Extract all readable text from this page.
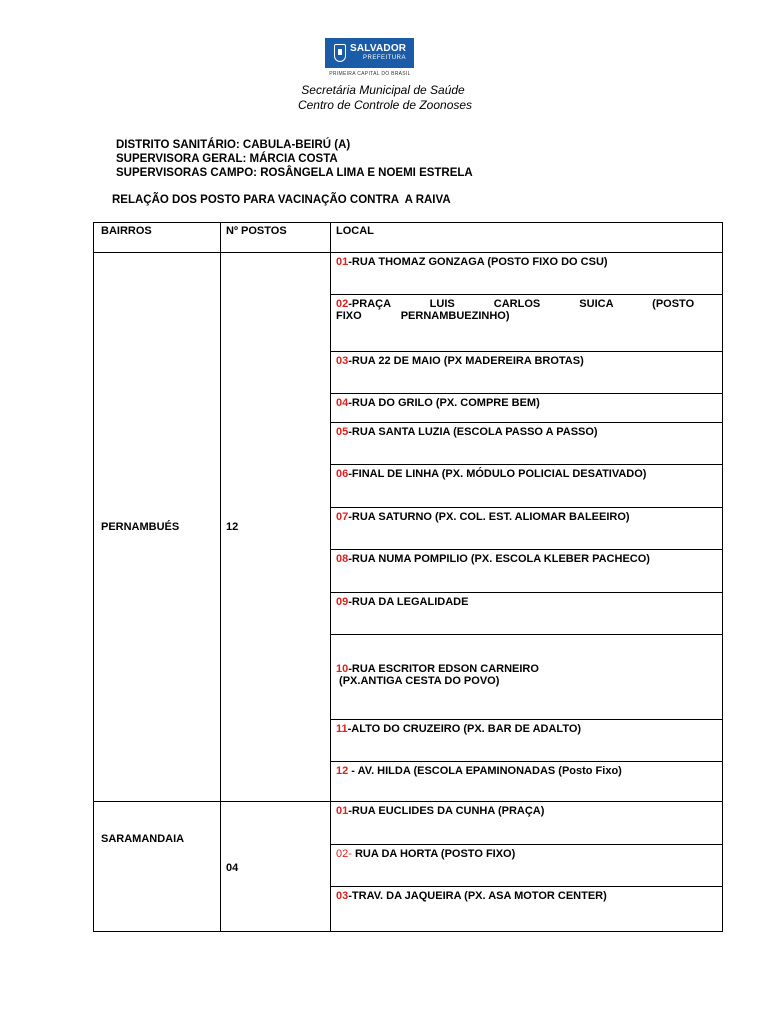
SALVADOR
PREFEITURA
PRIMEIRA CAPITAL DO BRASIL
Secretária Municipal de Saúde
Centro de Controle de Zoonoses
DISTRITO SANITÁRIO: CABULA-BEIRÚ (A)
SUPERVISORA GERAL: MÁRCIA COSTA
SUPERVISORAS CAMPO: ROSÂNGELA LIMA E NOEMI ESTRELA
RELAÇÃO DOS POSTO PARA VACINAÇÃO CONTRA  A RAIVA
BAIRROS	Nº POSTOS	LOCAL
PERNAMBUÉS	12	01-RUA THOMAZ GONZAGA (POSTO FIXO DO CSU)
		02-PRAÇA LUIS CARLOS SUICA (POSTO FIXO PERNAMBUEZINHO)
		03-RUA 22 DE MAIO (PX MADEREIRA BROTAS)
		04-RUA DO GRILO (PX. COMPRE BEM)
		05-RUA SANTA LUZIA (ESCOLA PASSO A PASSO)
		06-FINAL DE LINHA (PX. MÓDULO POLICIAL DESATIVADO)
		07-RUA SATURNO (PX. COL. EST. ALIOMAR BALEEIRO)
		08-RUA NUMA POMPILIO (PX. ESCOLA KLEBER PACHECO)
		09-RUA DA LEGALIDADE
		10-RUA ESCRITOR EDSON CARNEIRO
(PX.ANTIGA CESTA DO POVO)
		11-ALTO DO CRUZEIRO (PX. BAR DE ADALTO)
		12 - AV. HILDA (ESCOLA EPAMINONADAS (Posto Fixo)
SARAMANDAIA	04	01-RUA EUCLIDES DA CUNHA (PRAÇA)
		02- RUA DA HORTA (POSTO FIXO)
		03-TRAV. DA JAQUEIRA (PX. ASA MOTOR CENTER)
